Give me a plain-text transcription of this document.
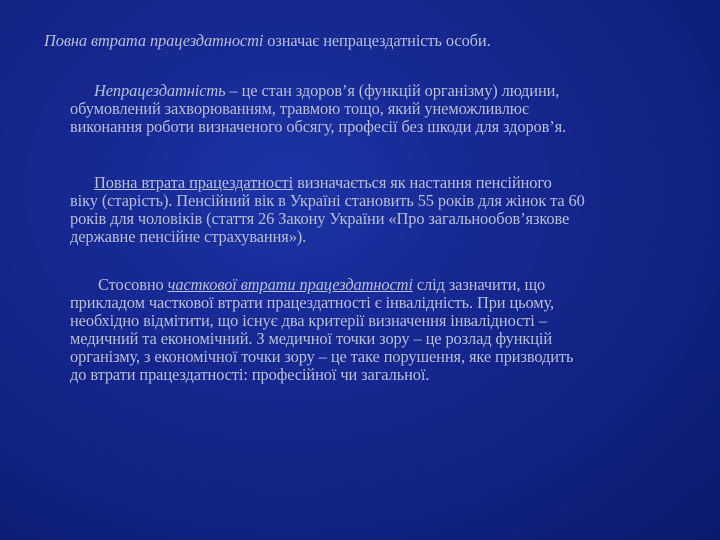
Повна втрата працездатності означає непрацездатність особи.
Непрацездатність – це стан здоров’я (функцій організму) людини,
обумовлений захворюванням, травмою тощо, який унеможливлює
виконання роботи визначеного обсягу, професії без шкоди для здоров’я.
Повна втрата працездатності визначається як настання пенсійного
віку (старість). Пенсійний вік в Україні становить 55 років для жінок та 60
років для чоловіків (стаття 26 Закону України «Про загальнообов’язкове
державне пенсійне страхування»).
Стосовно часткової втрати працездатності слід зазначити, що
прикладом часткової втрати працездатності є інвалідність. При цьому,
необхідно відмітити, що існує два критерії визначення інвалідності –
медичний та економічний. З медичної точки зору – це розлад функцій
організму, з економічної точки зору – це таке порушення, яке призводить
до втрати працездатності: професійної чи загальної.
